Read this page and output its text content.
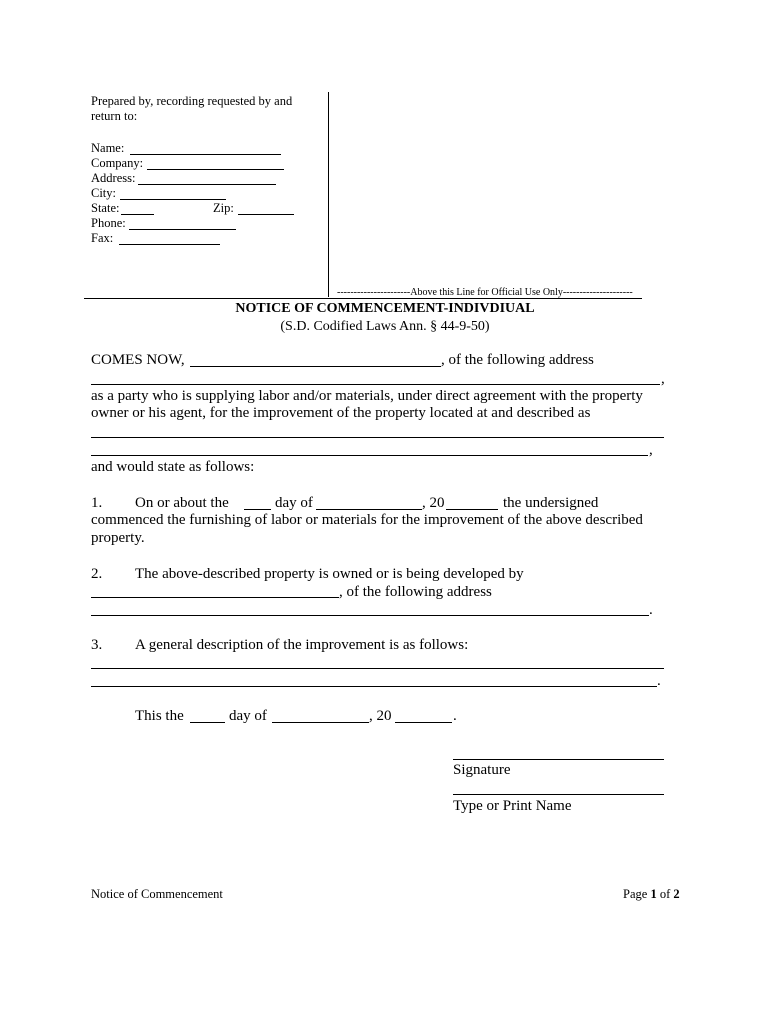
Prepared by, recording requested by and
return to:
Name:
Company:
Address:
City:
State:	Zip:
Phone:
Fax:
----------------------Above this Line for Official Use Only---------------------
NOTICE OF COMMENCEMENT-INDIVDIUAL
(S.D. Codified Laws Ann. § 44-9-50)
COMES NOW,	, of the following address
,
as a party who is supplying labor and/or materials, under direct agreement with the property
owner or his agent, for the improvement of the property located at and described as
,
and would state as follows:
1. On or about the	day of	, 20	the undersigned
commenced the furnishing of labor or materials for the improvement of the above described
property.
2. The above-described property is owned or is being developed by
, of the following address
.
3. A general description of the improvement is as follows:
.
This the	day of	, 20	.
Signature
Type or Print Name
Notice of Commencement	Page 1 of 2
